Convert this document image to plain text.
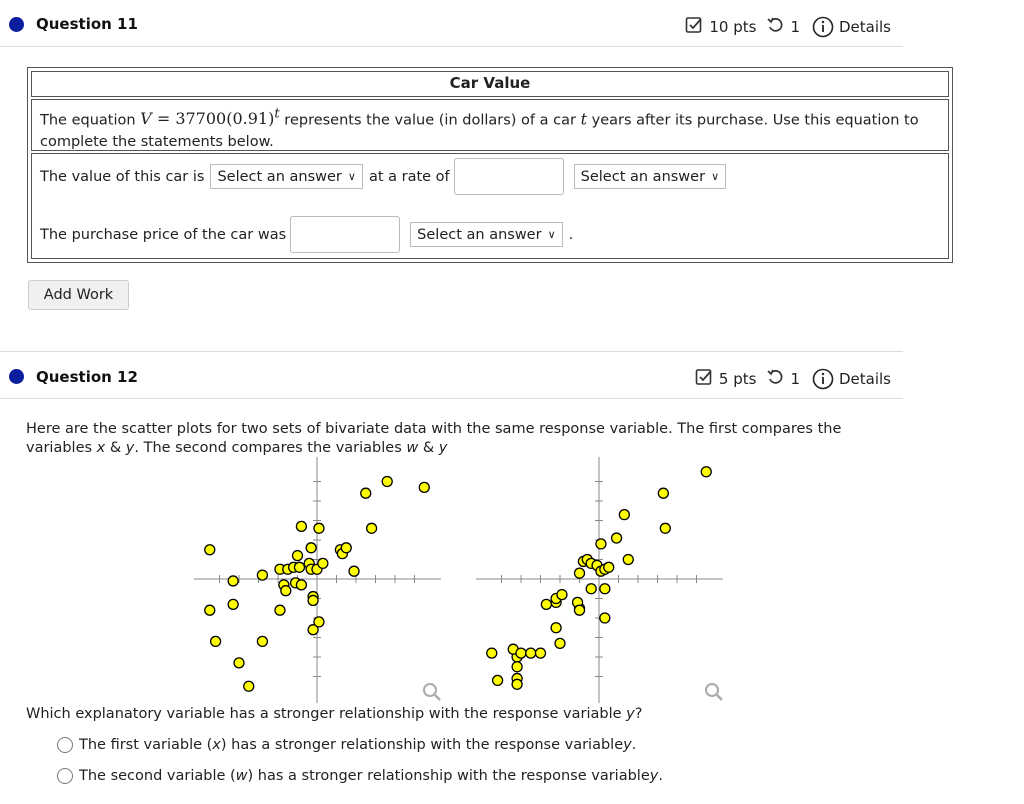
Question 11	10 pts 1	Details
Car Value
The equation $V = 37700(0.91)^t$ represents the value (in dollars) of a car t years after its purchase. Use this equation to complete the statements below.
The value of this car is Select an answer ∨ at a rate of	Select an answer ∨
The purchase price of the car was	Select an answer ∨ .
Add Work
Question 12	5 pts 1	Details
Here are the scatter plots for two sets of bivariate data with the same response variable. The first compares the variables x & y. The second compares the variables w & y
Which explanatory variable has a stronger relationship with the response variable y?
The first variable ( x ) has a stronger relationship with the response variable y .
The second variable ( w ) has a stronger relationship with the response variable y .
